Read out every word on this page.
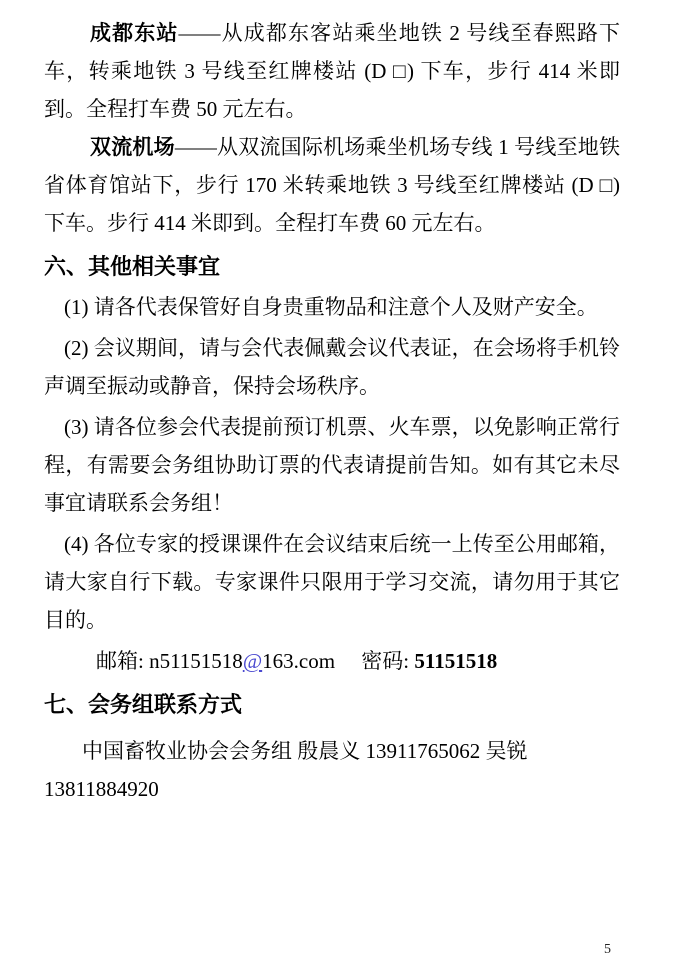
成都东站——从成都东客站乘坐地铁 2 号线至春熙路下车，转乘地铁 3 号线至红牌楼站 (D □) 下车，步行 414 米即到。全程打车费 50 元左右。

双流机场——从双流国际机场乘坐机场专线 1 号线至地铁省体育馆站下，步行 170 米转乘地铁 3 号线至红牌楼站 (D □) 下车。步行 414 米即到。全程打车费 60 元左右。

六、其他相关事宜

(1) 请各代表保管好自身贵重物品和注意个人及财产安全。

(2) 会议期间，请与会代表佩戴会议代表证，在会场将手机铃声调至振动或静音，保持会场秩序。

(3) 请各位参会代表提前预订机票、火车票，以免影响正常行程，有需要会务组协助订票的代表请提前告知。如有其它未尽事宜请联系会务组！

(4) 各位专家的授课课件在会议结束后统一上传至公用邮箱，请大家自行下载。专家课件只限用于学习交流，请勿用于其它目的。

邮箱: n51151518@163.com　 密码: 51151518

七、会务组联系方式

中国畜牧业协会会务组 殷晨义 13911765062 吴锐 13811884920

5
